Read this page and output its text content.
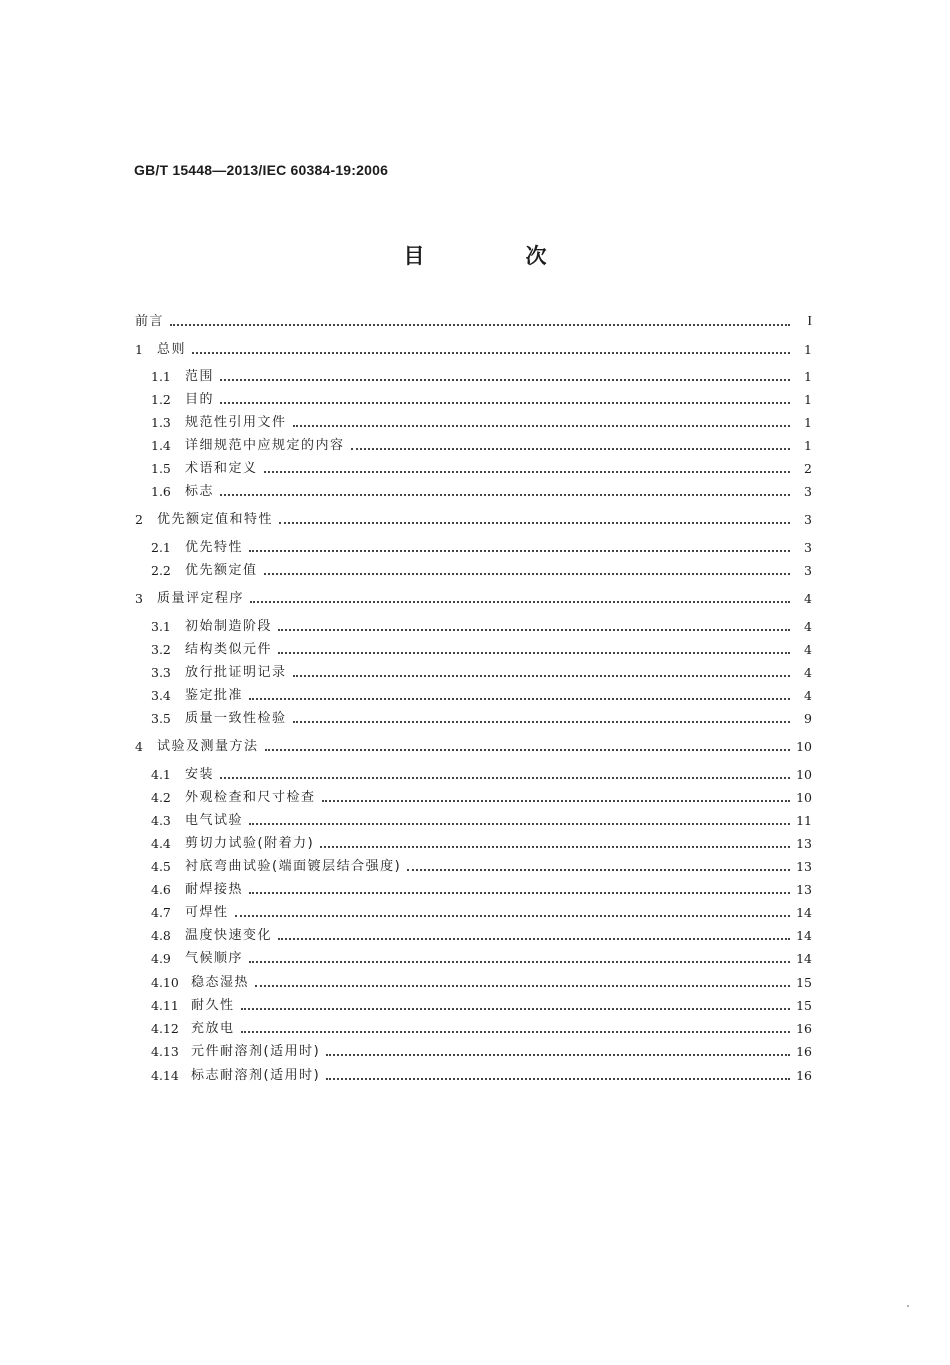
GB/T 15448—2013/IEC 60384-19:2006
目　次
前言	I
1	总则	1
1.1	范围	1
1.2	目的	1
1.3	规范性引用文件	1
1.4	详细规范中应规定的内容	1
1.5	术语和定义	2
1.6	标志	3
2	优先额定值和特性	3
2.1	优先特性	3
2.2	优先额定值	3
3	质量评定程序	4
3.1	初始制造阶段	4
3.2	结构类似元件	4
3.3	放行批证明记录	4
3.4	鉴定批准	4
3.5	质量一致性检验	9
4	试验及测量方法	10
4.1	安装	10
4.2	外观检查和尺寸检查	10
4.3	电气试验	11
4.4	剪切力试验(附着力)	13
4.5	衬底弯曲试验(端面镀层结合强度)	13
4.6	耐焊接热	13
4.7	可焊性	14
4.8	温度快速变化	14
4.9	气候顺序	14
4.10 稳态湿热	15
4.11 耐久性	15
4.12 充放电	16
4.13 元件耐溶剂(适用时)	16
4.14 标志耐溶剂(适用时)	16
